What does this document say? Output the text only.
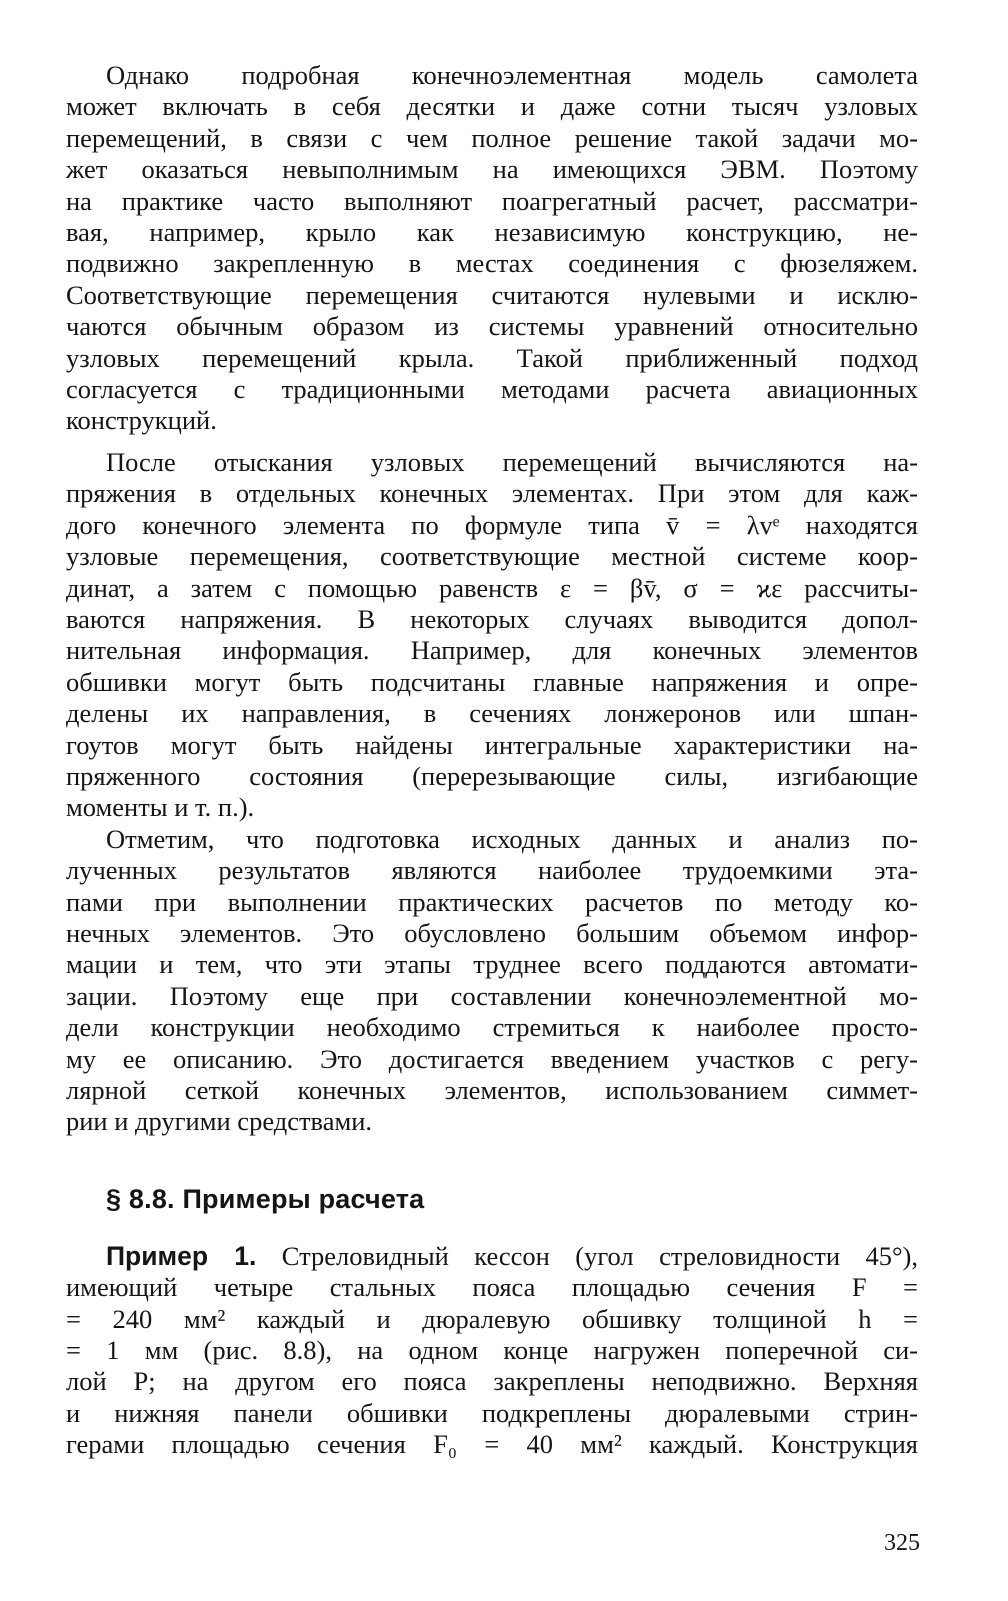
Однако подробная конечноэлементная модель самолета
может включать в себя десятки и даже сотни тысяч узловых
перемещений, в связи с чем полное решение такой задачи мо-
жет оказаться невыполнимым на имеющихся ЭВМ. Поэтому
на практике часто выполняют поагрегатный расчет, рассматри-
вая, например, крыло как независимую конструкцию, не-
подвижно закрепленную в местах соединения с фюзеляжем.
Соответствующие перемещения считаются нулевыми и исклю-
чаются обычным образом из системы уравнений относительно
узловых перемещений крыла. Такой приближенный подход
согласуется с традиционными методами расчета авиационных
конструкций.
После отыскания узловых перемещений вычисляются на-
пряжения в отдельных конечных элементах. При этом для каж-
дого конечного элемента по формуле типа v̄ = λvᵉ находятся
узловые перемещения, соответствующие местной системе коор-
динат, а затем с помощью равенств ε = βv̄, σ = ϰε рассчиты-
ваются напряжения. В некоторых случаях выводится допол-
нительная информация. Например, для конечных элементов
обшивки могут быть подсчитаны главные напряжения и опре-
делены их направления, в сечениях лонжеронов или шпан-
гоутов могут быть найдены интегральные характеристики на-
пряженного состояния (перерезывающие силы, изгибающие
моменты и т. п.).
Отметим, что подготовка исходных данных и анализ по-
лученных результатов являются наиболее трудоемкими эта-
пами при выполнении практических расчетов по методу ко-
нечных элементов. Это обусловлено большим объемом инфор-
мации и тем, что эти этапы труднее всего поддаются автомати-
зации. Поэтому еще при составлении конечноэлементной мо-
дели конструкции необходимо стремиться к наиболее просто-
му ее описанию. Это достигается введением участков с регу-
лярной сеткой конечных элементов, использованием симмет-
рии и другими средствами.
§ 8.8. Примеры расчета
Пример 1. Стреловидный кессон (угол стреловидности 45°),
имеющий четыре стальных пояса площадью сечения F =
= 240 мм² каждый и дюралевую обшивку толщиной h =
= 1 мм (рис. 8.8), на одном конце нагружен поперечной си-
лой P; на другом его пояса закреплены неподвижно. Верхняя
и нижняя панели обшивки подкреплены дюралевыми стрин-
герами площадью сечения F₀ = 40 мм² каждый. Конструкция
325
